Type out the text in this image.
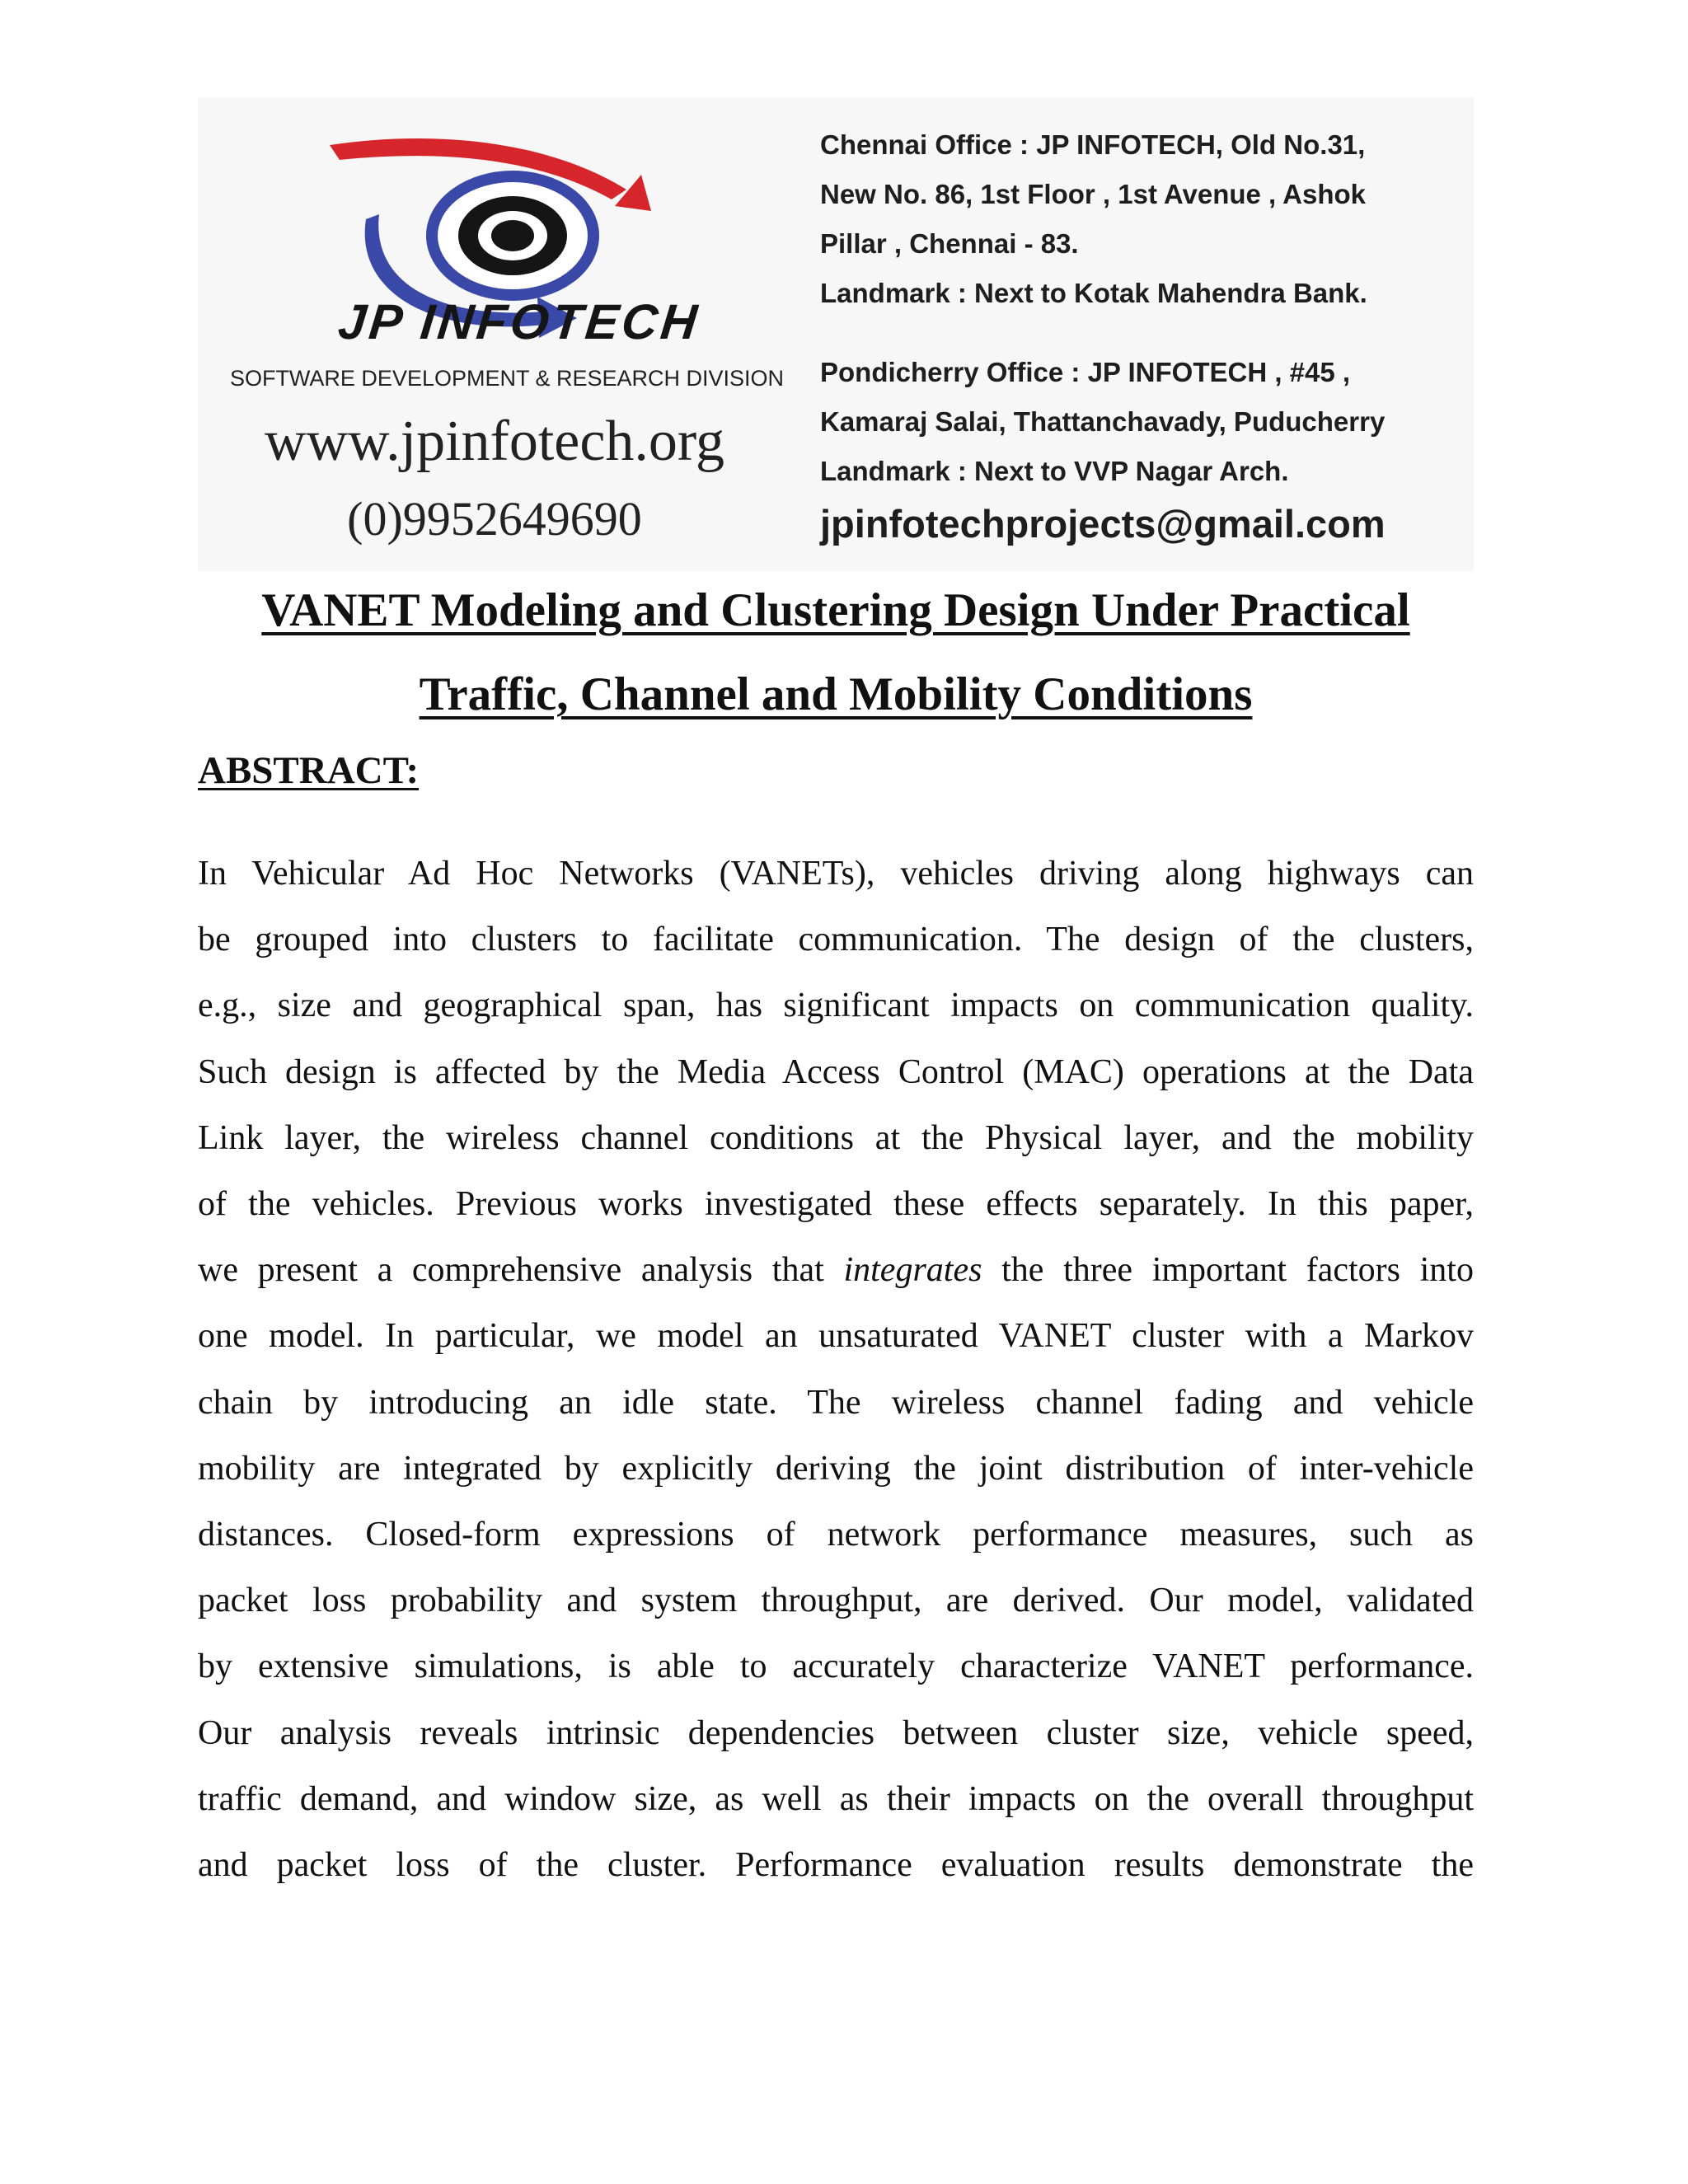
JP INFOTECH
SOFTWARE DEVELOPMENT & RESEARCH DIVISION
www.jpinfotech.org
(0)9952649690
Chennai Office : JP INFOTECH, Old No.31,
New No. 86, 1st Floor , 1st Avenue , Ashok
Pillar , Chennai - 83.
Landmark : Next to Kotak Mahendra Bank.
Pondicherry Office : JP INFOTECH , #45 ,
Kamaraj Salai, Thattanchavady, Puducherry
Landmark : Next to VVP Nagar Arch.
jpinfotechprojects@gmail.com
VANET Modeling and Clustering Design Under Practical
Traffic, Channel and Mobility Conditions
ABSTRACT:
In Vehicular Ad Hoc Networks (VANETs), vehicles driving along highways can
be grouped into clusters to facilitate communication. The design of the clusters,
e.g., size and geographical span, has significant impacts on communication quality.
Such design is affected by the Media Access Control (MAC) operations at the Data
Link layer, the wireless channel conditions at the Physical layer, and the mobility
of the vehicles. Previous works investigated these effects separately. In this paper,
we present a comprehensive analysis that integrates the three important factors into
one model. In particular, we model an unsaturated VANET cluster with a Markov
chain by introducing an idle state. The wireless channel fading and vehicle
mobility are integrated by explicitly deriving the joint distribution of inter-vehicle
distances. Closed-form expressions of network performance measures, such as
packet loss probability and system throughput, are derived. Our model, validated
by extensive simulations, is able to accurately characterize VANET performance.
Our analysis reveals intrinsic dependencies between cluster size, vehicle speed,
traffic demand, and window size, as well as their impacts on the overall throughput
and packet loss of the cluster. Performance evaluation results demonstrate the
